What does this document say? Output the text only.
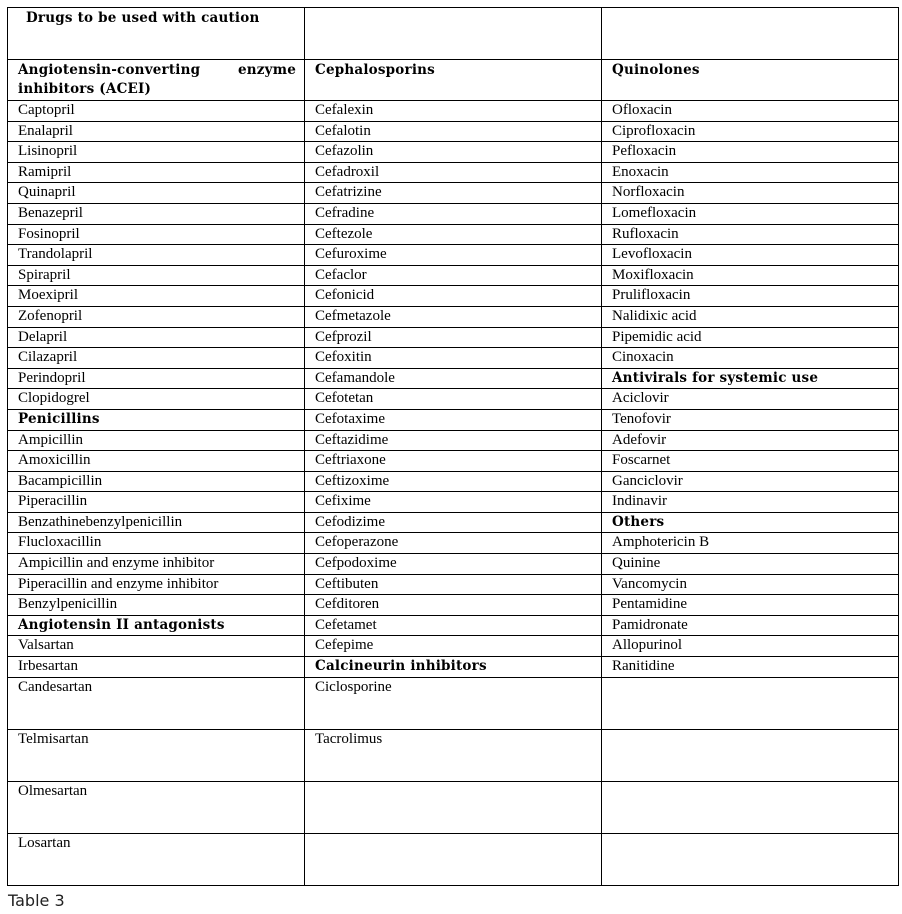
Drugs to be used with caution		
Angiotensin-converting enzyme inhibitors (ACEI)	Cephalosporins	Quinolones
Captopril	Cefalexin	Ofloxacin
Enalapril	Cefalotin	Ciprofloxacin
Lisinopril	Cefazolin	Pefloxacin
Ramipril	Cefadroxil	Enoxacin
Quinapril	Cefatrizine	Norfloxacin
Benazepril	Cefradine	Lomefloxacin
Fosinopril	Ceftezole	Rufloxacin
Trandolapril	Cefuroxime	Levofloxacin
Spirapril	Cefaclor	Moxifloxacin
Moexipril	Cefonicid	Prulifloxacin
Zofenopril	Cefmetazole	Nalidixic acid
Delapril	Cefprozil	Pipemidic acid
Cilazapril	Cefoxitin	Cinoxacin
Perindopril	Cefamandole	Antivirals for systemic use
Clopidogrel	Cefotetan	Aciclovir
Penicillins	Cefotaxime	Tenofovir
Ampicillin	Ceftazidime	Adefovir
Amoxicillin	Ceftriaxone	Foscarnet
Bacampicillin	Ceftizoxime	Ganciclovir
Piperacillin	Cefixime	Indinavir
Benzathinebenzylpenicillin	Cefodizime	Others
Flucloxacillin	Cefoperazone	Amphotericin B
Ampicillin and enzyme inhibitor	Cefpodoxime	Quinine
Piperacillin and enzyme inhibitor	Ceftibuten	Vancomycin
Benzylpenicillin	Cefditoren	Pentamidine
Angiotensin II antagonists	Cefetamet	Pamidronate
Valsartan	Cefepime	Allopurinol
Irbesartan	Calcineurin inhibitors	Ranitidine
Candesartan	Ciclosporine	
Telmisartan	Tacrolimus	
Olmesartan		
Losartan		
Table 3
